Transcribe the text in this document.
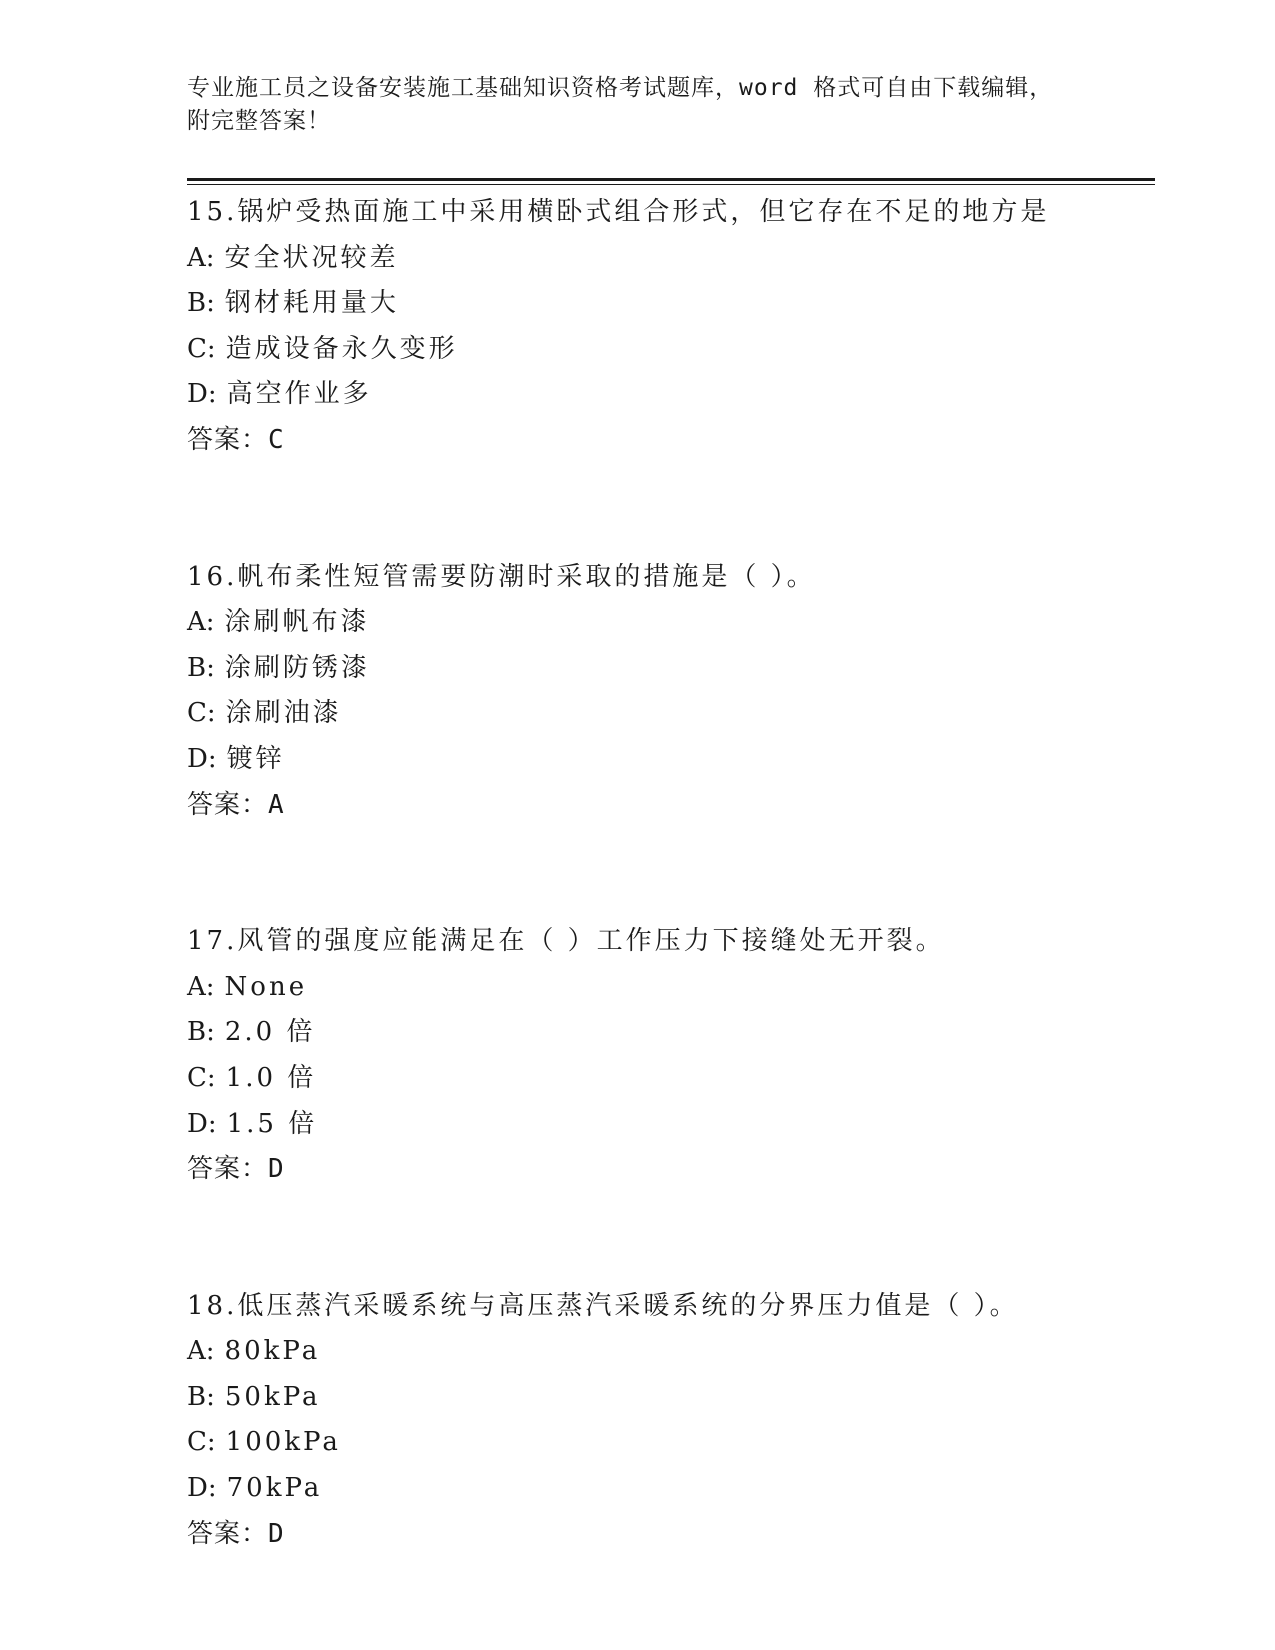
专业施工员之设备安装施工基础知识资格考试题库，word 格式可自由下载编辑，
附完整答案！
15.锅炉受热面施工中采用横卧式组合形式，但它存在不足的地方是
A: 安全状况较差
B: 钢材耗用量大
C: 造成设备永久变形
D: 高空作业多
答案：C
16.帆布柔性短管需要防潮时采取的措施是（ ）。
A: 涂刷帆布漆
B: 涂刷防锈漆
C: 涂刷油漆
D: 镀锌
答案：A
17.风管的强度应能满足在（ ）工作压力下接缝处无开裂。
A: None
B: 2.0 倍
C: 1.0 倍
D: 1.5 倍
答案：D
18.低压蒸汽采暖系统与高压蒸汽采暖系统的分界压力值是（ ）。
A: 80kPa
B: 50kPa
C: 100kPa
D: 70kPa
答案：D
